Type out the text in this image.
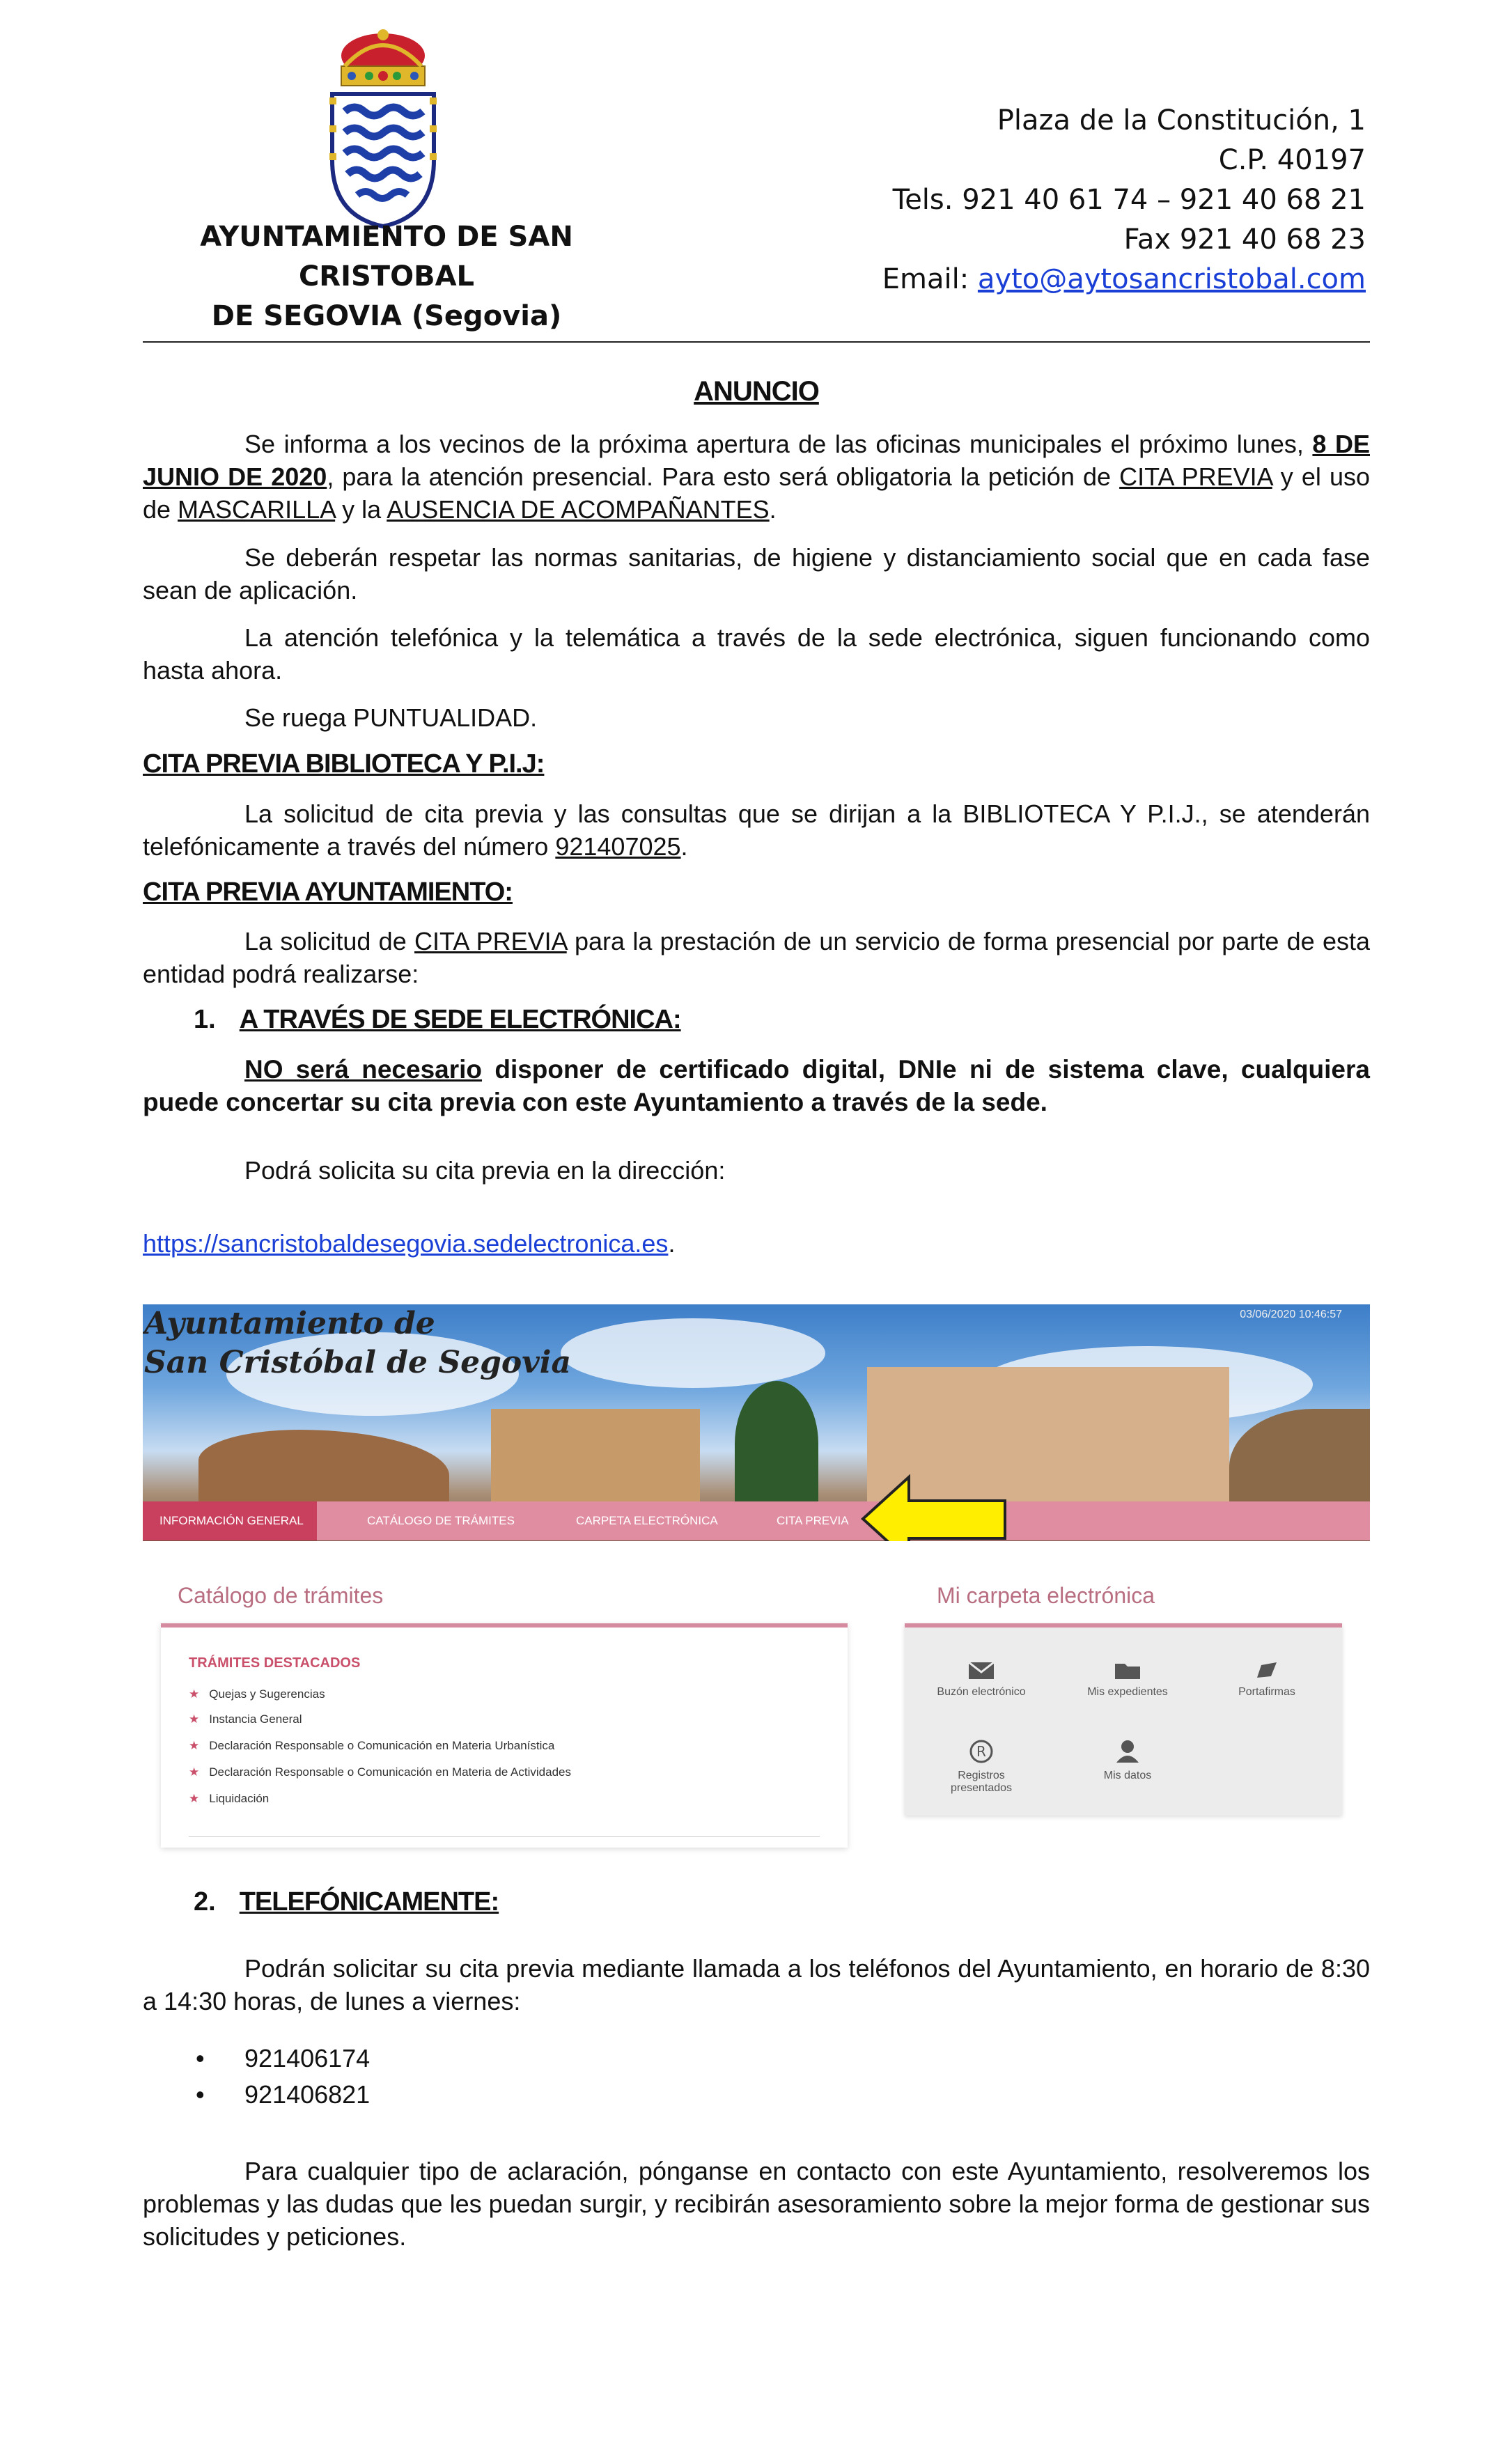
AYUNTAMIENTO DE SAN CRISTOBAL
DE SEGOVIA (Segovia)
Plaza de la Constitución, 1
C.P. 40197
Tels. 921 40 61 74 – 921 40 68 21
Fax 921 40 68 23
Email: ayto@aytosancristobal.com
ANUNCIO
Se informa a los vecinos de la próxima apertura de las oficinas municipales el próximo lunes, 8 DE JUNIO DE 2020, para la atención presencial. Para esto será obligatoria la petición de CITA PREVIA y el uso de MASCARILLA y la AUSENCIA DE ACOMPAÑANTES.
Se deberán respetar las normas sanitarias, de higiene y distanciamiento social que en cada fase sean de aplicación.
La atención telefónica y la telemática a través de la sede electrónica, siguen funcionando como hasta ahora.
Se ruega PUNTUALIDAD.
CITA PREVIA BIBLIOTECA Y P.I.J:
La solicitud de cita previa y las consultas que se dirijan a la BIBLIOTECA Y P.I.J., se atenderán telefónicamente a través del número 921407025.
CITA PREVIA AYUNTAMIENTO:
La solicitud de CITA PREVIA para la prestación de un servicio de forma presencial por parte de esta entidad podrá realizarse:
1. A TRAVÉS DE SEDE ELECTRÓNICA:
NO será necesario disponer de certificado digital, DNIe ni de sistema clave, cualquiera puede concertar su cita previa con este Ayuntamiento a través de la sede.
Podrá solicita su cita previa en la dirección:
https://sancristobaldesegovia.sedelectronica.es.
Ayuntamiento de
San Cristóbal de Segovia
03/06/2020 10:46:57
INFORMACIÓN GENERAL	CATÁLOGO DE TRÁMITES	CARPETA ELECTRÓNICA	CITA PREVIA
Catálogo de trámites
TRÁMITES DESTACADOS
★ Quejas y Sugerencias
★ Instancia General
★ Declaración Responsable o Comunicación en Materia Urbanística
★ Declaración Responsable o Comunicación en Materia de Actividades
★ Liquidación
Mi carpeta electrónica
Buzón electrónico	Mis expedientes	Portafirmas
R
Registros presentados
Mis datos
2. TELEFÓNICAMENTE:
Podrán solicitar su cita previa mediante llamada a los teléfonos del Ayuntamiento, en horario de 8:30 a 14:30 horas, de lunes a viernes:
• 921406174
• 921406821
Para cualquier tipo de aclaración, pónganse en contacto con este Ayuntamiento, resolveremos los problemas y las dudas que les puedan surgir, y recibirán asesoramiento sobre la mejor forma de gestionar sus solicitudes y peticiones.
